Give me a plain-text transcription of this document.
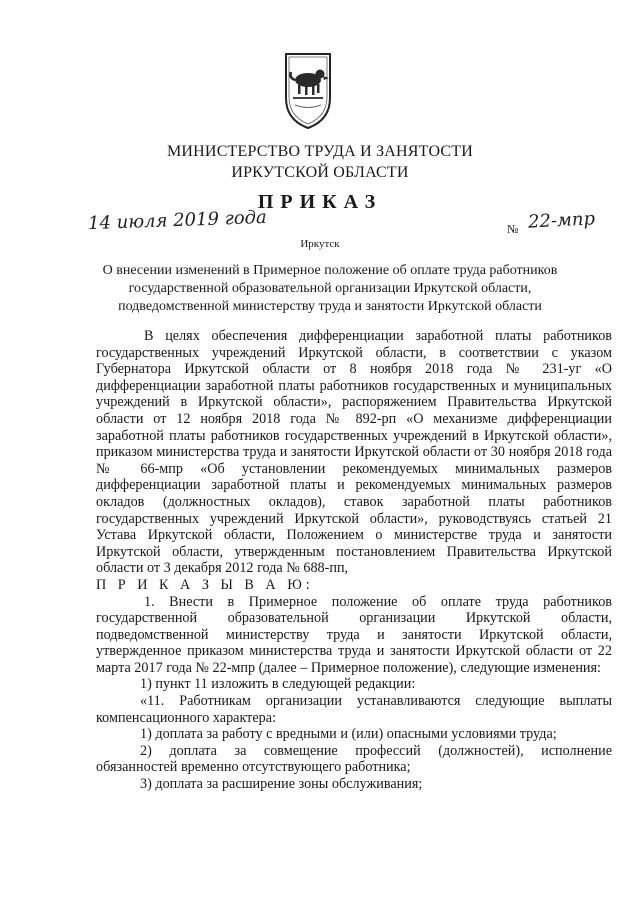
МИНИСТЕРСТВО ТРУДА И ЗАНЯТОСТИ
ИРКУТСКОЙ ОБЛАСТИ
ПРИКАЗ
14 июля 2019 года	№ 22-мпр
Иркутск
О внесении изменений в Примерное положение об оплате труда работников государственной образовательной организации Иркутской области, подведомственной министерству труда и занятости Иркутской области

В целях обеспечения дифференциации заработной платы работников государственных учреждений Иркутской области, в соответствии с указом Губернатора Иркутской области от 8 ноября 2018 года № 231-уг «О дифференциации заработной платы работников государственных и муниципальных учреждений в Иркутской области», распоряжением Правительства Иркутской области от 12 ноября 2018 года № 892-рп «О механизме дифференциации заработной платы работников государственных учреждений в Иркутской области», приказом министерства труда и занятости Иркутской области от 30 ноября 2018 года № 66-мпр «Об установлении рекомендуемых минимальных размеров дифференциации заработной платы и рекомендуемых минимальных размеров окладов (должностных окладов), ставок заработной платы работников государственных учреждений Иркутской области», руководствуясь статьей 21 Устава Иркутской области, Положением о министерстве труда и занятости Иркутской области, утвержденным постановлением Правительства Иркутской области от 3 декабря 2012 года № 688-пп,

П Р И К А З Ы В А Ю:

1. Внести в Примерное положение об оплате труда работников государственной образовательной организации Иркутской области, подведомственной министерству труда и занятости Иркутской области, утвержденное приказом министерства труда и занятости Иркутской области от 22 марта 2017 года № 22-мпр (далее – Примерное положение), следующие изменения:

1) пункт 11 изложить в следующей редакции:

«11. Работникам организации устанавливаются следующие выплаты компенсационного характера:

1) доплата за работу с вредными и (или) опасными условиями труда;

2) доплата за совмещение профессий (должностей), исполнение обязанностей временно отсутствующего работника;

3) доплата за расширение зоны обслуживания;
